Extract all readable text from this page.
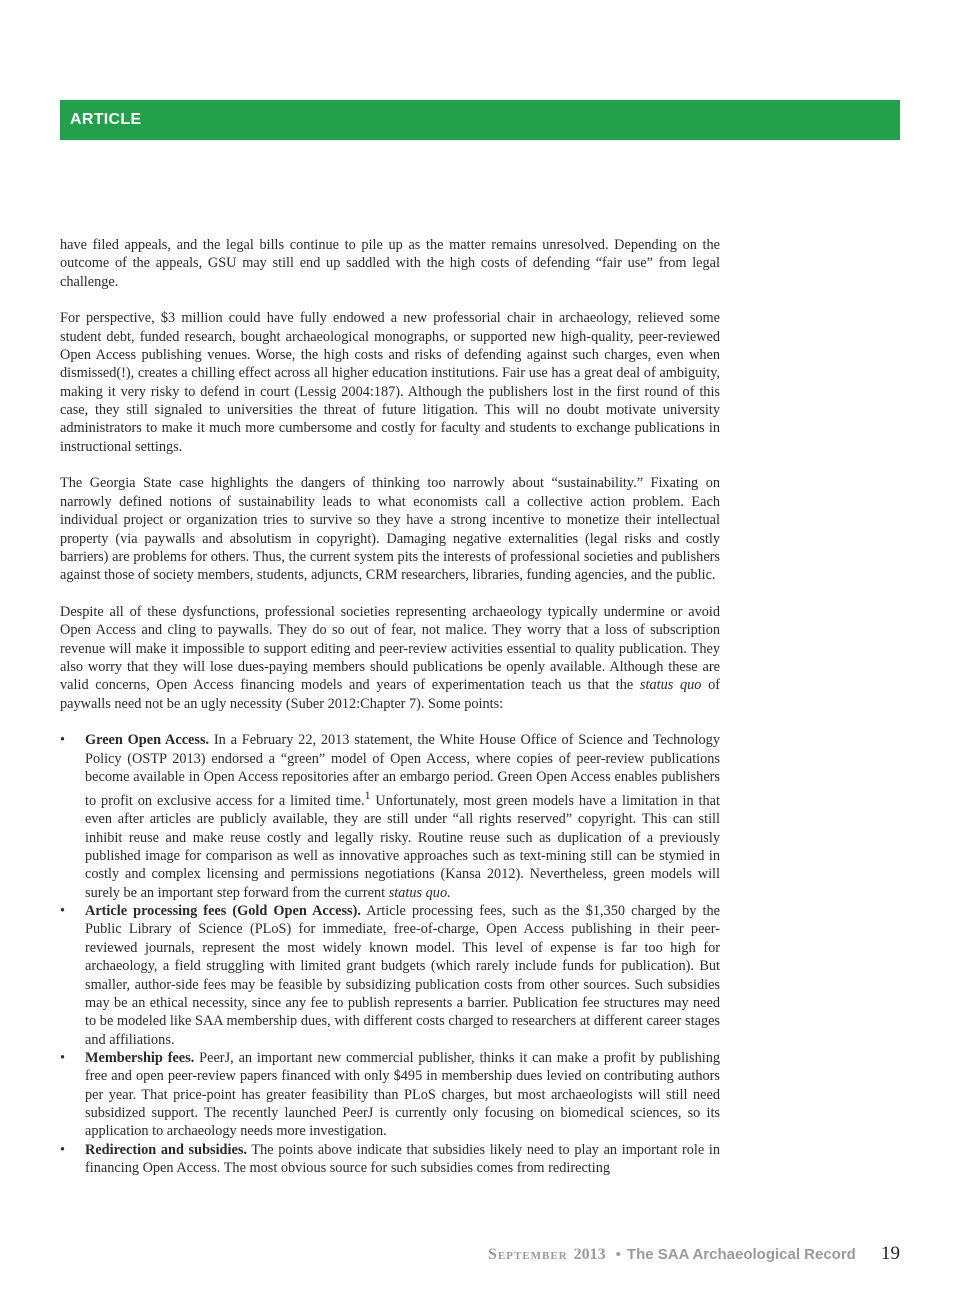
ARTICLE

have filed appeals, and the legal bills continue to pile up as the matter remains unresolved. Depending on the outcome of the appeals, GSU may still end up saddled with the high costs of defending “fair use” from legal challenge.

For perspective, $3 million could have fully endowed a new professorial chair in archaeology, relieved some student debt, funded research, bought archaeological monographs, or supported new high-quality, peer-reviewed Open Access publishing venues. Worse, the high costs and risks of defending against such charges, even when dismissed(!), creates a chilling effect across all higher education institutions. Fair use has a great deal of ambiguity, making it very risky to defend in court (Lessig 2004:187). Although the publishers lost in the first round of this case, they still signaled to universities the threat of future litigation. This will no doubt motivate university administrators to make it much more cumbersome and costly for faculty and students to exchange publications in instructional settings.

The Georgia State case highlights the dangers of thinking too narrowly about “sustainability.” Fixating on narrowly defined notions of sustainability leads to what economists call a collective action problem. Each individual project or organization tries to survive so they have a strong incentive to monetize their intellectual property (via paywalls and absolutism in copyright). Damaging negative externalities (legal risks and costly barriers) are problems for others. Thus, the current system pits the interests of professional societies and publishers against those of society members, students, adjuncts, CRM researchers, libraries, funding agencies, and the public.

Despite all of these dysfunctions, professional societies representing archaeology typically undermine or avoid Open Access and cling to paywalls. They do so out of fear, not malice. They worry that a loss of subscription revenue will make it impossible to support editing and peer-review activities essential to quality publication. They also worry that they will lose dues-paying members should publications be openly available. Although these are valid concerns, Open Access financing models and years of experimentation teach us that the status quo of paywalls need not be an ugly necessity (Suber 2012:Chapter 7). Some points:

• Green Open Access. In a February 22, 2013 statement, the White House Office of Science and Technology Policy (OSTP 2013) endorsed a “green” model of Open Access, where copies of peer-review publications become available in Open Access repositories after an embargo period. Green Open Access enables publishers to profit on exclusive access for a limited time.$^1$ Unfortunately, most green models have a limitation in that even after articles are publicly available, they are still under “all rights reserved” copyright. This can still inhibit reuse and make reuse costly and legally risky. Routine reuse such as duplication of a previously published image for comparison as well as innovative approaches such as text-mining still can be stymied in costly and complex licensing and permissions negotiations (Kansa 2012). Nevertheless, green models will surely be an important step forward from the current status quo.
• Article processing fees (Gold Open Access). Article processing fees, such as the $1,350 charged by the Public Library of Science (PLoS) for immediate, free-of-charge, Open Access publishing in their peer-reviewed journals, represent the most widely known model. This level of expense is far too high for archaeology, a field struggling with limited grant budgets (which rarely include funds for publication). But smaller, author-side fees may be feasible by subsidizing publication costs from other sources. Such subsidies may be an ethical necessity, since any fee to publish represents a barrier. Publication fee structures may need to be modeled like SAA membership dues, with different costs charged to researchers at different career stages and affiliations.
• Membership fees. PeerJ, an important new commercial publisher, thinks it can make a profit by publishing free and open peer-review papers financed with only $495 in membership dues levied on contributing authors per year. That price-point has greater feasibility than PLoS charges, but most archaeologists will still need subsidized support. The recently launched PeerJ is currently only focusing on biomedical sciences, so its application to archaeology needs more investigation.
• Redirection and subsidies. The points above indicate that subsidies likely need to play an important role in financing Open Access. The most obvious source for such subsidies comes from redirecting
September 2013 • The SAA Archaeological Record 19
